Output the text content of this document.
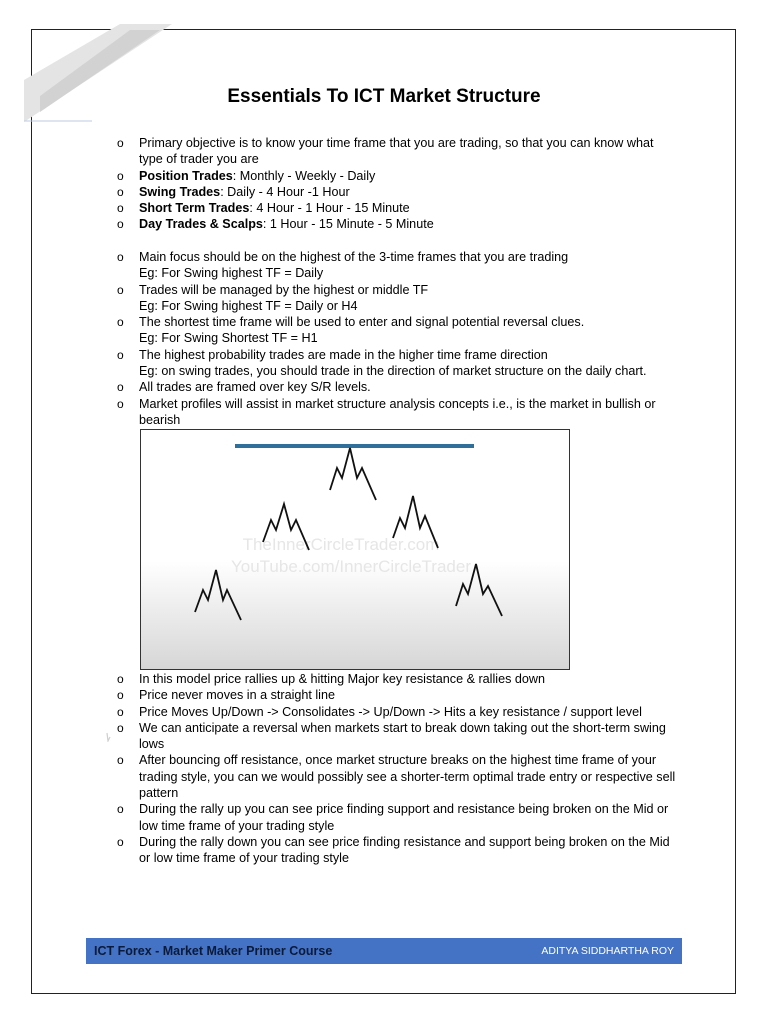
Essentials To ICT Market Structure
o Primary objective is to know your time frame that you are trading, so that you can know what type of trader you are
o Position Trades: Monthly - Weekly - Daily
o Swing Trades: Daily - 4 Hour -1 Hour
o Short Term Trades: 4 Hour - 1 Hour - 15 Minute
o Day Trades & Scalps: 1 Hour - 15 Minute - 5 Minute
o Main focus should be on the highest of the 3-time frames that you are trading
Eg: For Swing highest TF = Daily
o Trades will be managed by the highest or middle TF
Eg: For Swing highest TF = Daily or H4
o The shortest time frame will be used to enter and signal potential reversal clues.
Eg: For Swing Shortest TF = H1
o The highest probability trades are made in the higher time frame direction
Eg: on swing trades, you should trade in the direction of market structure on the daily chart.
o All trades are framed over key S/R levels.
o Market profiles will assist in market structure analysis concepts i.e., is the market in bullish or bearish
TheInnerCircleTrader.com
YouTube.com/InnerCircleTrader
o In this model price rallies up & hitting Major key resistance & rallies down
o Price never moves in a straight line
o Price Moves Up/Down -> Consolidates -> Up/Down -> Hits a key resistance / support level
o We can anticipate a reversal when markets start to break down taking out the short-term swing lows
o After bouncing off resistance, once market structure breaks on the highest time frame of your trading style, you can we would possibly see a shorter-term optimal trade entry or respective sell pattern
o During the rally up you can see price finding support and resistance being broken on the Mid or low time frame of your trading style
o During the rally down you can see price finding resistance and support being broken on the Mid or low time frame of your trading style
ICT Forex - Market Maker Primer Course	ADITYA SIDDHARTHA ROY
